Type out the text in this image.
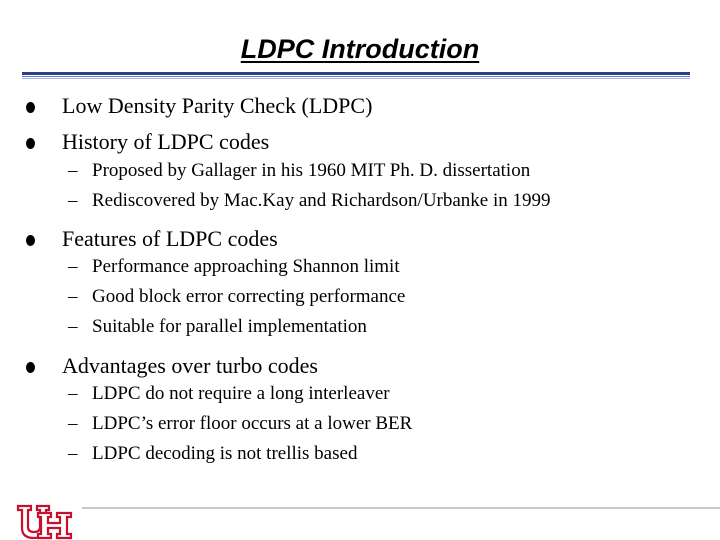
LDPC Introduction
Low Density Parity Check (LDPC)
History of LDPC codes
– Proposed by Gallager in his 1960 MIT Ph. D. dissertation
– Rediscovered by Mac.Kay and Richardson/Urbanke in 1999
Features of LDPC codes
– Performance approaching Shannon limit
– Good block error correcting performance
– Suitable for parallel implementation
Advantages over turbo codes
– LDPC do not require a long interleaver
– LDPC’s error floor occurs at a lower BER
– LDPC decoding is not trellis based
